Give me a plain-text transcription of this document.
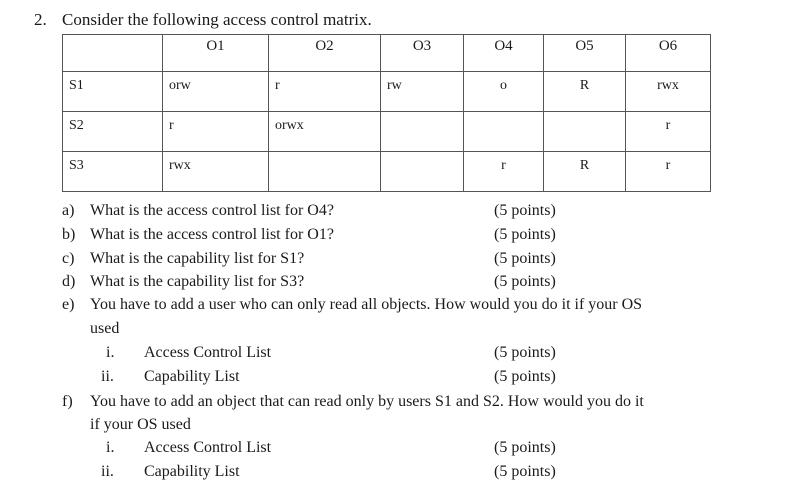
2. Consider the following access control matrix.
	O1	O2	O3	O4	O5	O6
S1	orw	r	rw	o	R	rwx
S2	r	orwx				r
S3	rwx			r	R	r
a) What is the access control list for O4?	(5 points)
b) What is the access control list for O1?	(5 points)
c) What is the capability list for S1?	(5 points)
d) What is the capability list for S3?	(5 points)
e) You have to add a user who can only read all objects. How would you do it if your OS
used
i. Access Control List	(5 points)
ii. Capability List	(5 points)
f) You have to add an object that can read only by users S1 and S2. How would you do it
if your OS used
i. Access Control List	(5 points)
ii. Capability List	(5 points)
